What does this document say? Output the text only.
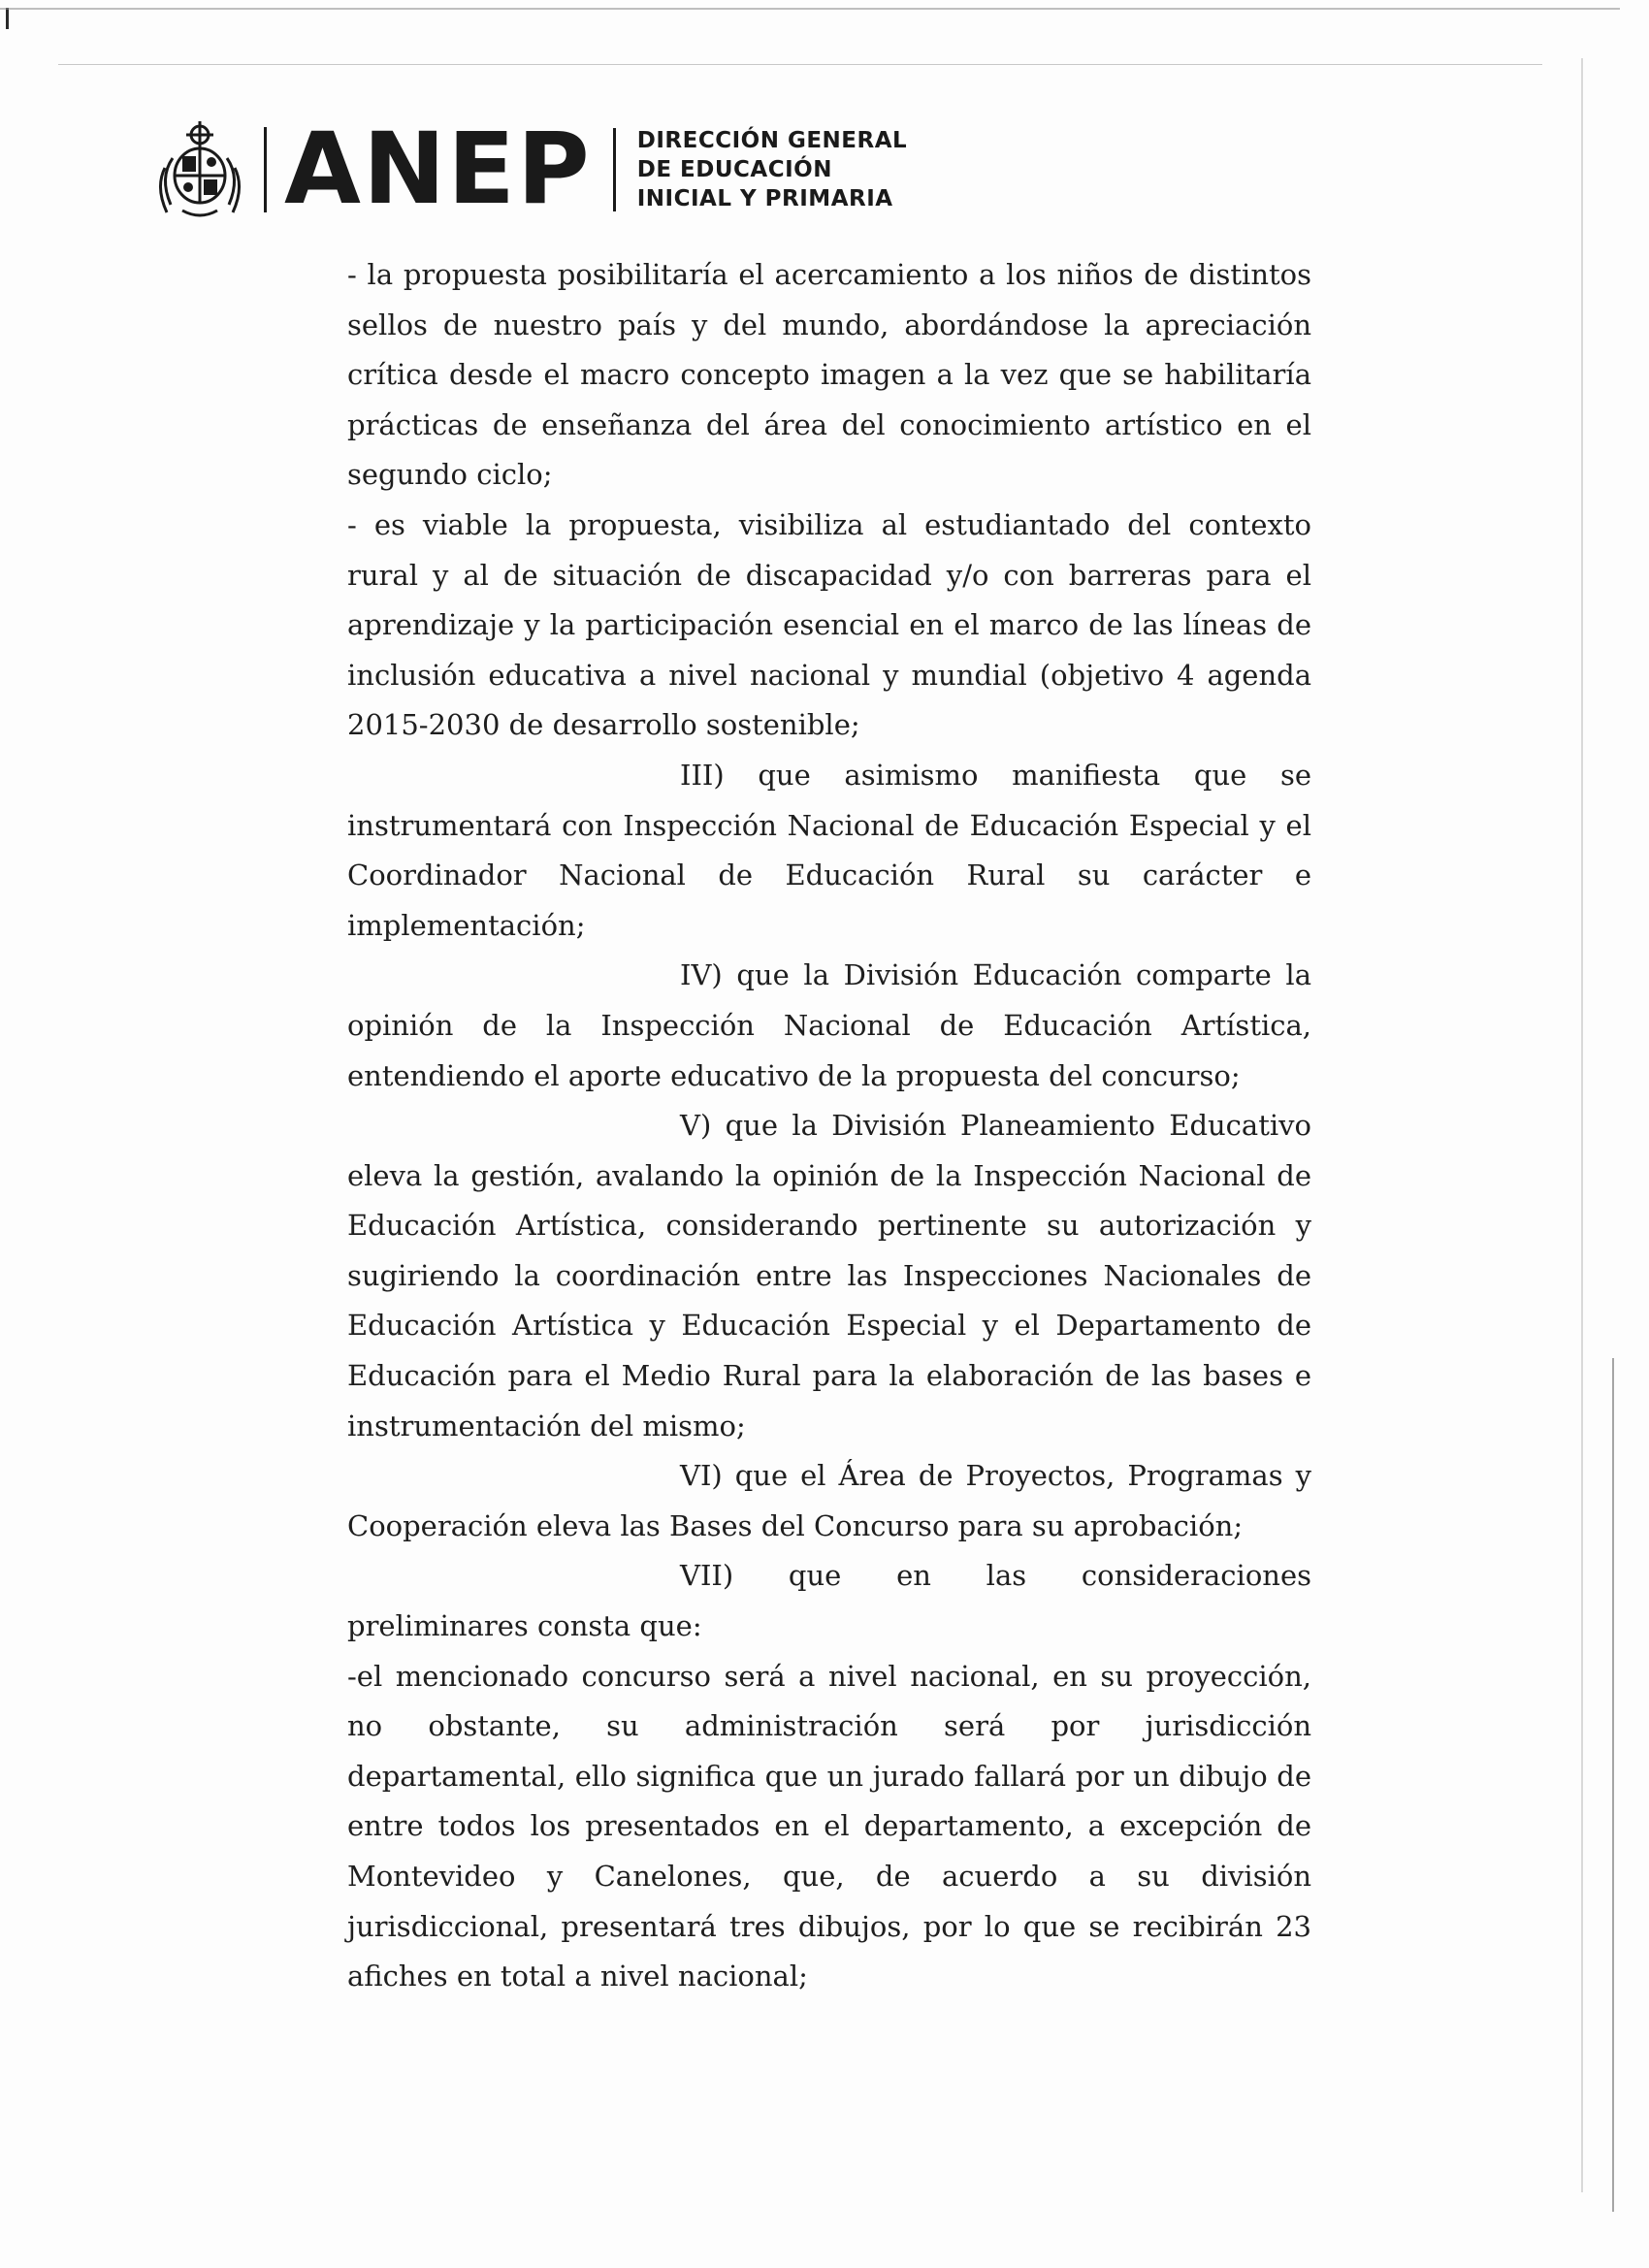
ANEP DIRECCIÓN GENERAL
DE EDUCACIÓN
INICIAL Y PRIMARIA

- la propuesta posibilitaría el acercamiento a los niños de distintos sellos de nuestro país y del mundo, abordándose la apreciación crítica desde el macro concepto imagen a la vez que se habilitaría prácticas de enseñanza del área del conocimiento artístico en el segundo ciclo;

- es viable la propuesta, visibiliza al estudiantado del contexto rural y al de situación de discapacidad y/o con barreras para el aprendizaje y la participación esencial en el marco de las líneas de inclusión educativa a nivel nacional y mundial (objetivo 4 agenda 2015-2030 de desarrollo sostenible;

III) que asimismo manifiesta que se instrumentará con Inspección Nacional de Educación Especial y el Coordinador Nacional de Educación Rural su carácter e implementación;

IV) que la División Educación comparte la opinión de la Inspección Nacional de Educación Artística, entendiendo el aporte educativo de la propuesta del concurso;

V) que la División Planeamiento Educativo eleva la gestión, avalando la opinión de la Inspección Nacional de Educación Artística, considerando pertinente su autorización y sugiriendo la coordinación entre las Inspecciones Nacionales de Educación Artística y Educación Especial y el Departamento de Educación para el Medio Rural para la elaboración de las bases e instrumentación del mismo;

VI) que el Área de Proyectos, Programas y Cooperación eleva las Bases del Concurso para su aprobación;

VII) que en las consideraciones preliminares consta que:

-el mencionado concurso será a nivel nacional, en su proyección, no obstante, su administración será por jurisdicción departamental, ello significa que un jurado fallará por un dibujo de entre todos los presentados en el departamento, a excepción de Montevideo y Canelones, que, de acuerdo a su división jurisdiccional, presentará tres dibujos, por lo que se recibirán 23 afiches en total a nivel nacional;
